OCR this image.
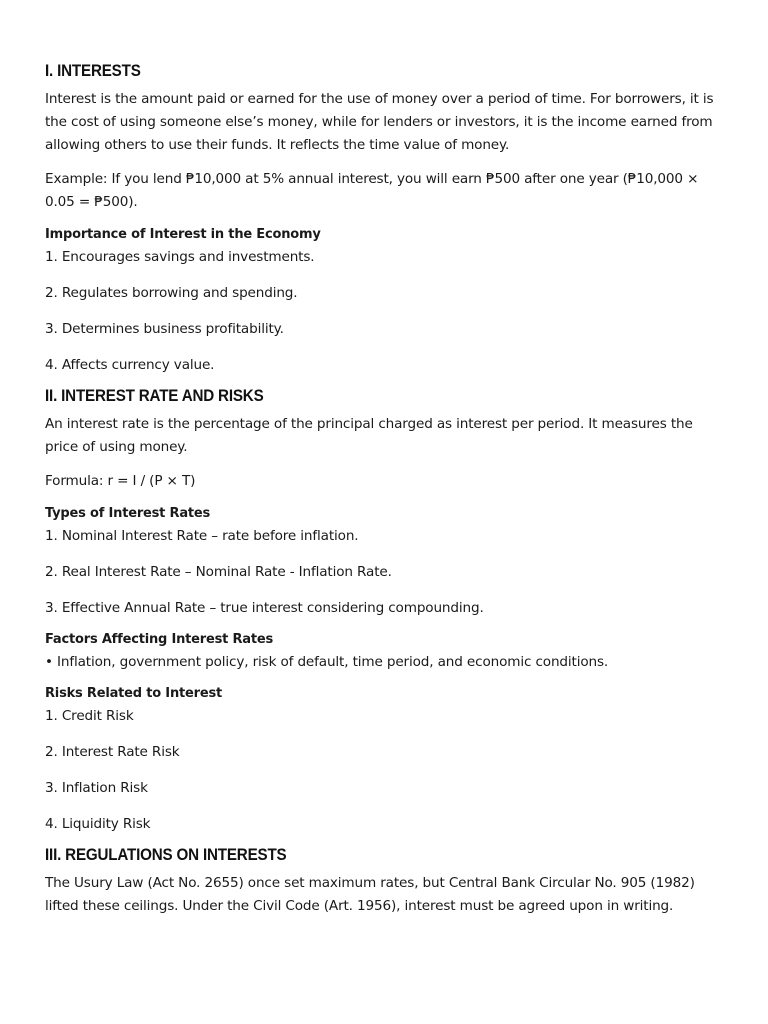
I. INTERESTS

Interest is the amount paid or earned for the use of money over a period of time. For borrowers, it is the cost of using someone else’s money, while for lenders or investors, it is the income earned from allowing others to use their funds. It reflects the time value of money.

Example: If you lend ₱10,000 at 5% annual interest, you will earn ₱500 after one year (₱10,000 × 0.05 = ₱500).

Importance of Interest in the Economy
1. Encourages savings and investments.
2. Regulates borrowing and spending.
3. Determines business profitability.
4. Affects currency value.
II. INTEREST RATE AND RISKS

An interest rate is the percentage of the principal charged as interest per period. It measures the price of using money.

Formula: r = I / (P × T)

Types of Interest Rates
1. Nominal Interest Rate – rate before inflation.
2. Real Interest Rate – Nominal Rate - Inflation Rate.
3. Effective Annual Rate – true interest considering compounding.
Factors Affecting Interest Rates
• Inflation, government policy, risk of default, time period, and economic conditions.
Risks Related to Interest
1. Credit Risk
2. Interest Rate Risk
3. Inflation Risk
4. Liquidity Risk
III. REGULATIONS ON INTERESTS

The Usury Law (Act No. 2655) once set maximum rates, but Central Bank Circular No. 905 (1982) lifted these ceilings. Under the Civil Code (Art. 1956), interest must be agreed upon in writing.
